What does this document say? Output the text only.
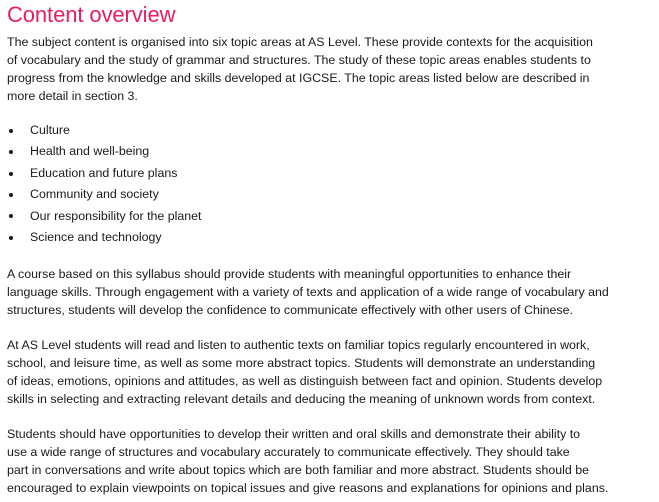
Content overview

The subject content is organised into six topic areas at AS Level. These provide contexts for the acquisition
of vocabulary and the study of grammar and structures. The study of these topic areas enables students to
progress from the knowledge and skills developed at IGCSE. The topic areas listed below are described in
more detail in section 3.

Culture
Health and well-being
Education and future plans
Community and society
Our responsibility for the planet
Science and technology

A course based on this syllabus should provide students with meaningful opportunities to enhance their
language skills. Through engagement with a variety of texts and application of a wide range of vocabulary and
structures, students will develop the confidence to communicate effectively with other users of Chinese.

At AS Level students will read and listen to authentic texts on familiar topics regularly encountered in work,
school, and leisure time, as well as some more abstract topics. Students will demonstrate an understanding
of ideas, emotions, opinions and attitudes, as well as distinguish between fact and opinion. Students develop
skills in selecting and extracting relevant details and deducing the meaning of unknown words from context.

Students should have opportunities to develop their written and oral skills and demonstrate their ability to
use a wide range of structures and vocabulary accurately to communicate effectively. They should take
part in conversations and write about topics which are both familiar and more abstract. Students should be
encouraged to explain viewpoints on topical issues and give reasons and explanations for opinions and plans.
